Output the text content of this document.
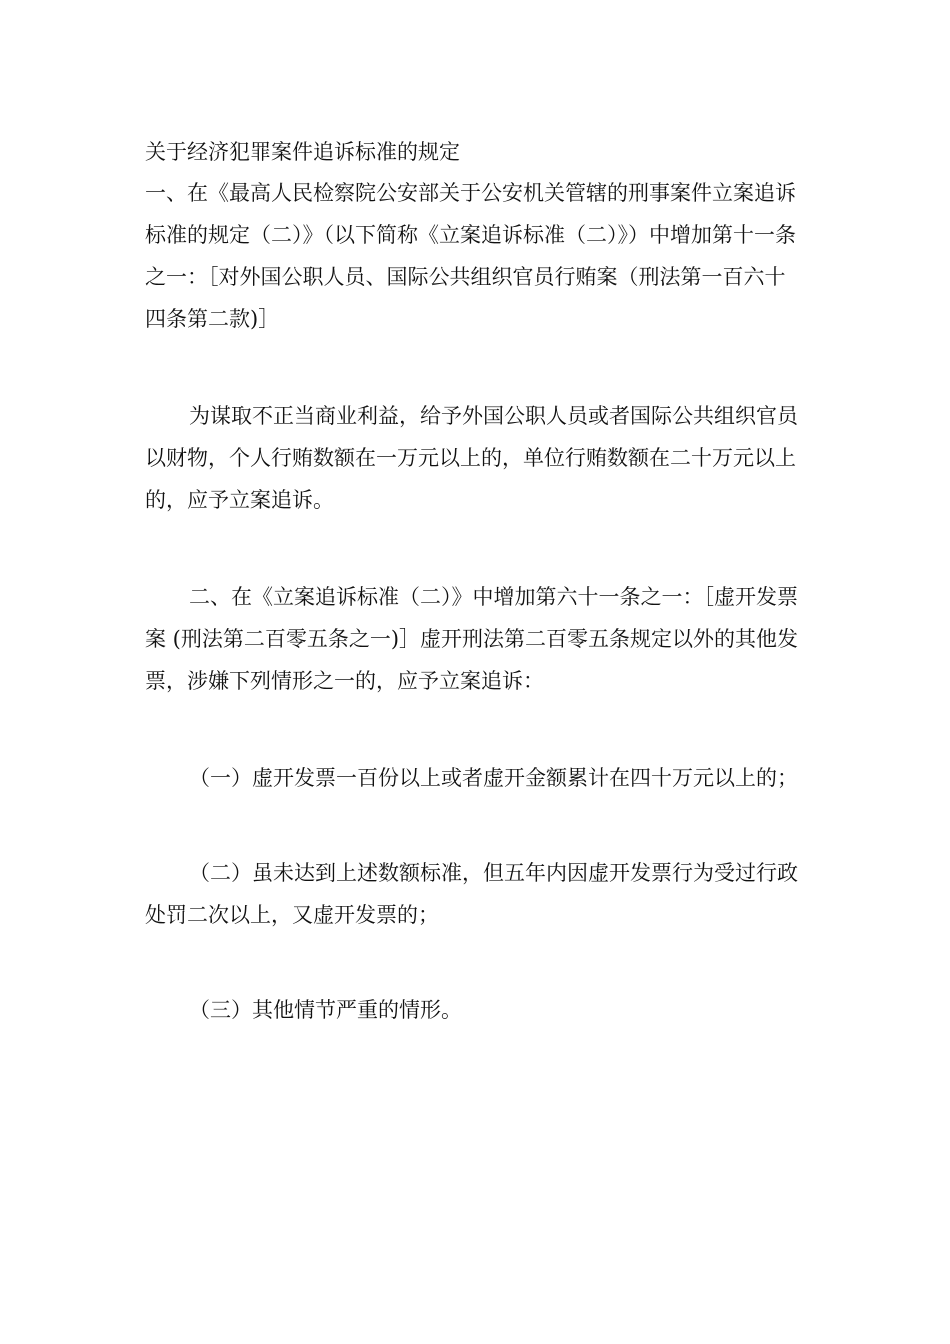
关于经济犯罪案件追诉标准的规定

一、在《最高人民检察院公安部关于公安机关管辖的刑事案件立案追诉标准的规定（二）》（以下简称《立案追诉标准（二）》）中增加第十一条之一：［对外国公职人员、国际公共组织官员行贿案（刑法第一百六十四条第二款)］

为谋取不正当商业利益，给予外国公职人员或者国际公共组织官员以财物，个人行贿数额在一万元以上的，单位行贿数额在二十万元以上的，应予立案追诉。

二、在《立案追诉标准（二）》中增加第六十一条之一：［虚开发票案 (刑法第二百零五条之一)］虚开刑法第二百零五条规定以外的其他发票，涉嫌下列情形之一的，应予立案追诉：

（一）虚开发票一百份以上或者虚开金额累计在四十万元以上的；

（二）虽未达到上述数额标准，但五年内因虚开发票行为受过行政处罚二次以上，又虚开发票的；

（三）其他情节严重的情形。
